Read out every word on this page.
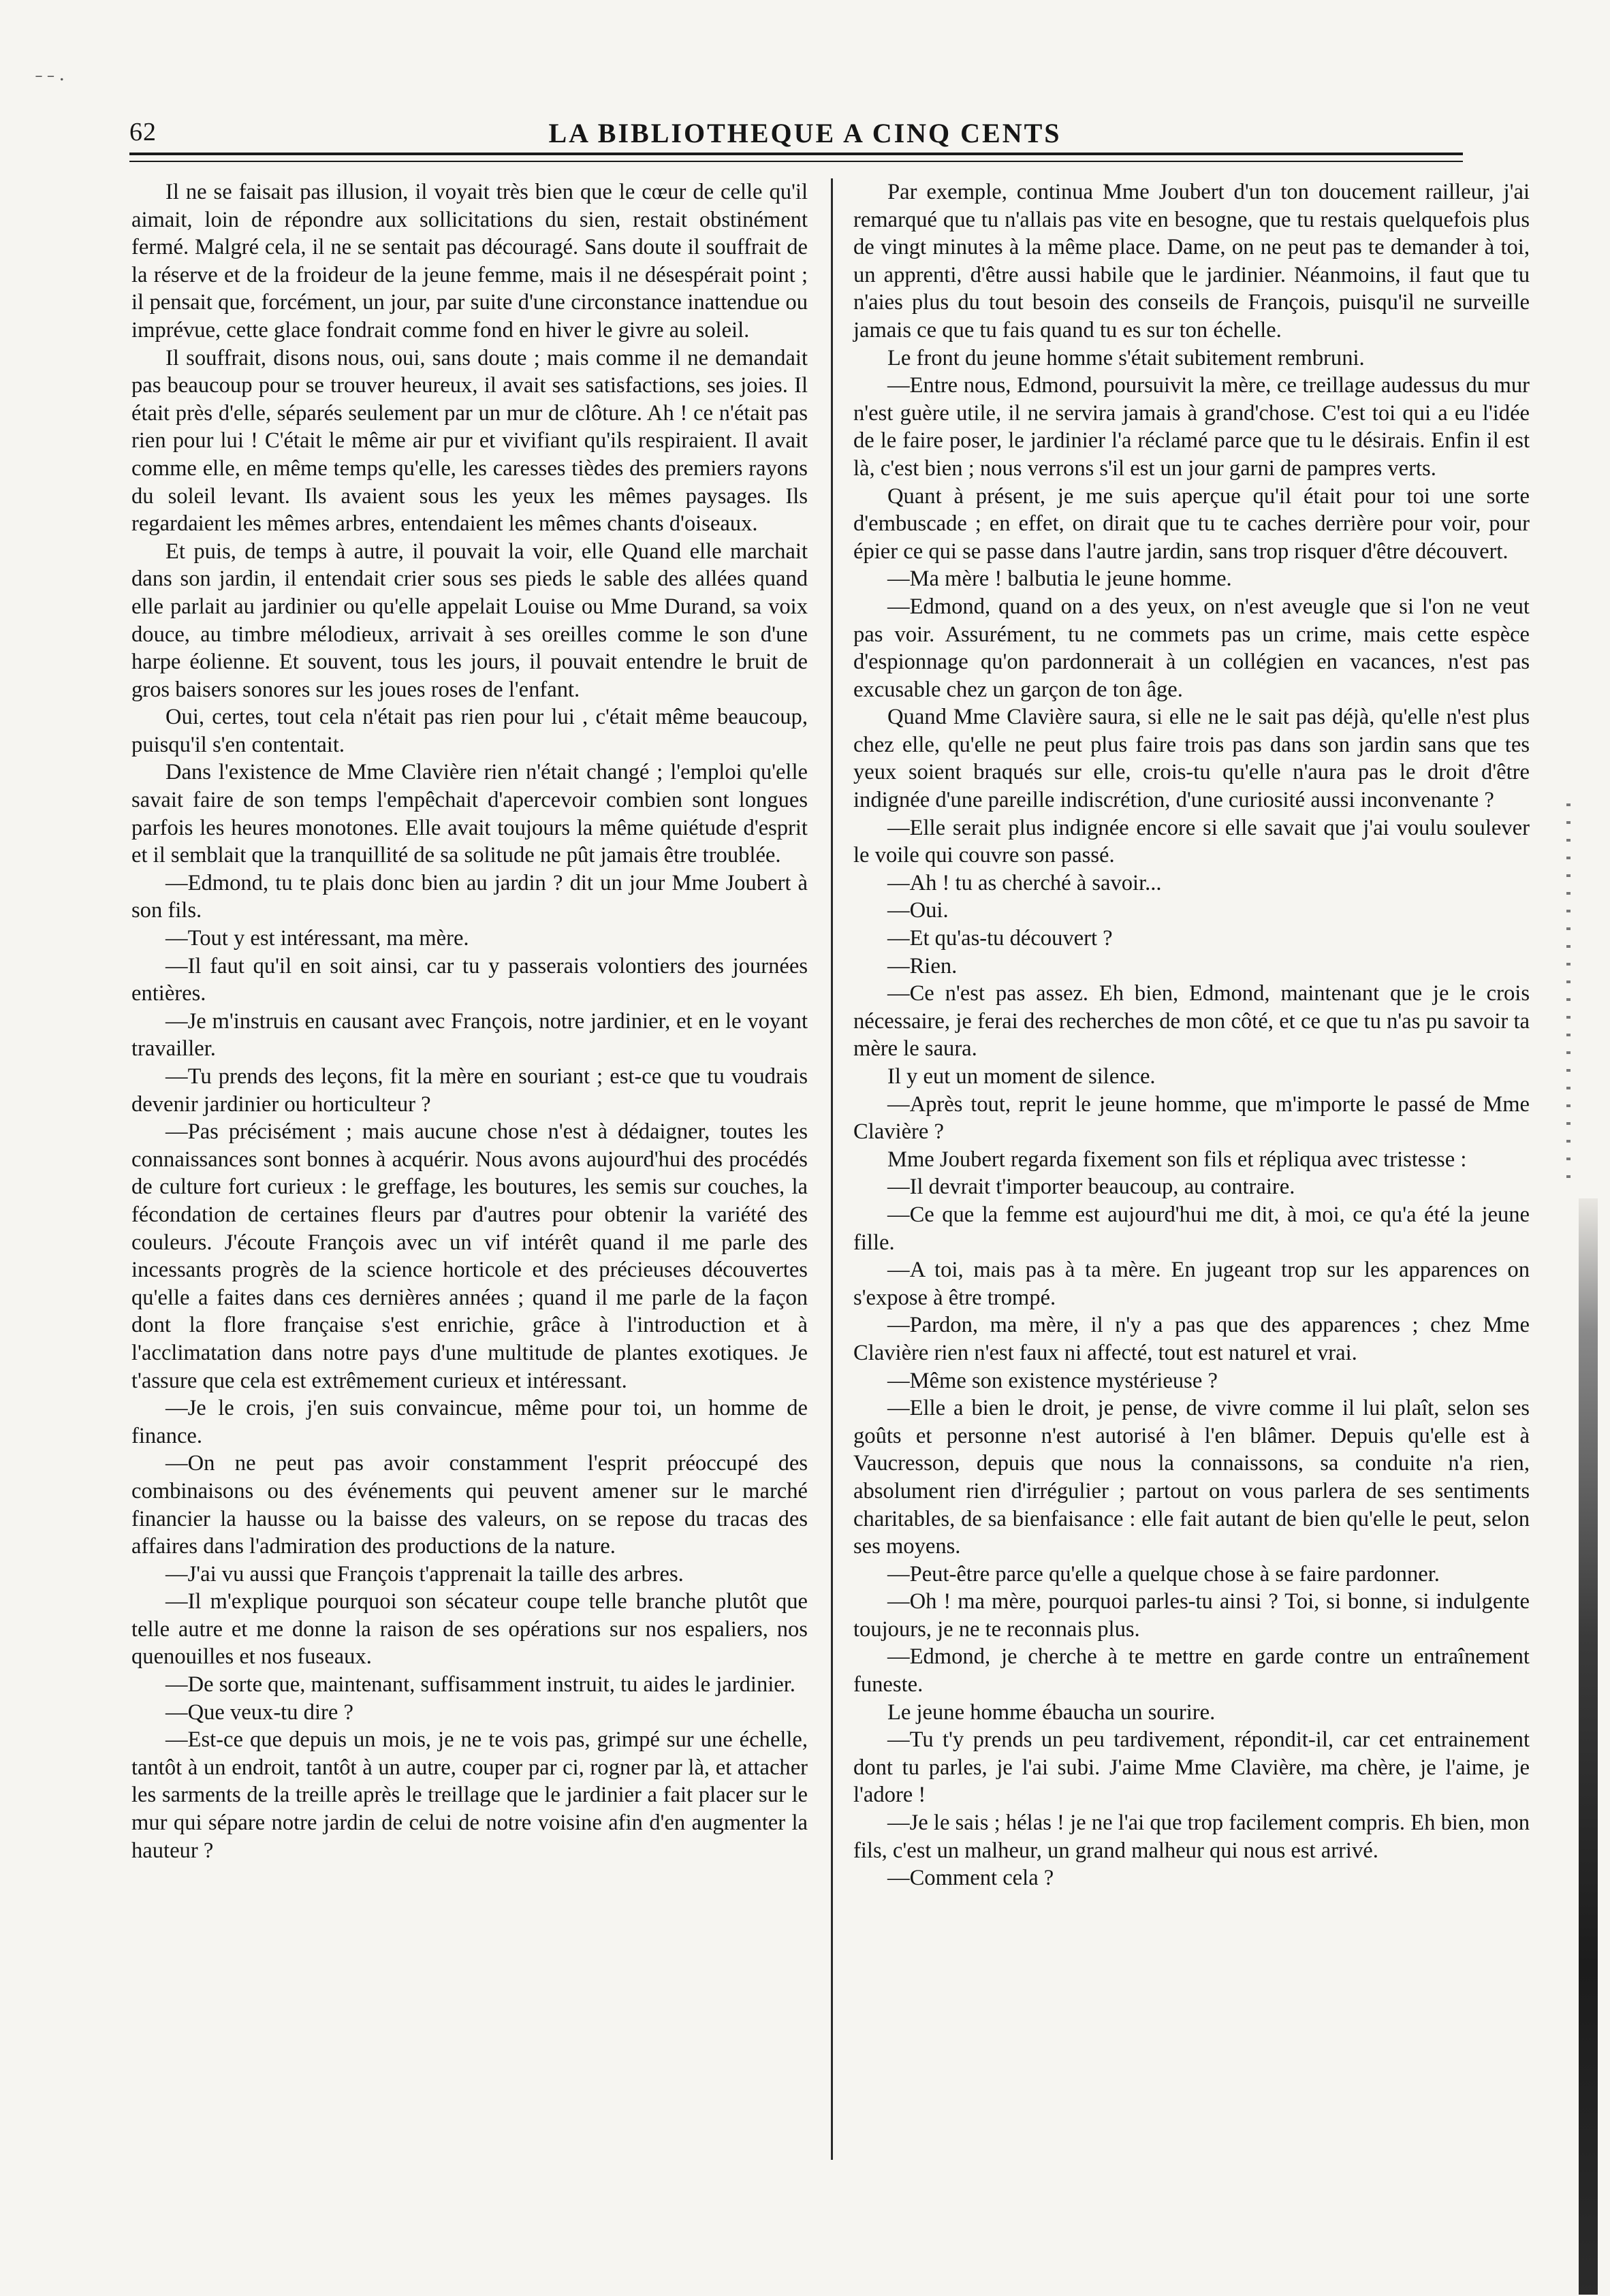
˗ ˗ .
62	LA BIBLIOTHEQUE A CINQ CENTS

Il ne se faisait pas illusion, il voyait très bien que le cœur de celle qu'il aimait, loin de répondre aux sollicitations du sien, restait obstinément fermé. Malgré cela, il ne se sentait pas découragé. Sans doute il souffrait de la réserve et de la froideur de la jeune femme, mais il ne désespérait point ; il pensait que, forcément, un jour, par suite d'une circonstance inattendue ou imprévue, cette glace fondrait comme fond en hiver le givre au soleil.

Il souffrait, disons nous, oui, sans doute ; mais comme il ne demandait pas beaucoup pour se trouver heureux, il avait ses satisfactions, ses joies. Il était près d'elle, séparés seulement par un mur de clôture. Ah ! ce n'était pas rien pour lui ! C'était le même air pur et vivifiant qu'ils respiraient. Il avait comme elle, en même temps qu'elle, les caresses tièdes des premiers rayons du soleil levant. Ils avaient sous les yeux les mêmes paysages. Ils regardaient les mêmes arbres, entendaient les mêmes chants d'oiseaux.

Et puis, de temps à autre, il pouvait la voir, elle Quand elle marchait dans son jardin, il entendait crier sous ses pieds le sable des allées quand elle parlait au jardinier ou qu'elle appelait Louise ou Mme Durand, sa voix douce, au timbre mélodieux, arrivait à ses oreilles comme le son d'une harpe éolienne. Et souvent, tous les jours, il pouvait entendre le bruit de gros baisers sonores sur les joues roses de l'enfant.

Oui, certes, tout cela n'était pas rien pour lui , c'était même beaucoup, puisqu'il s'en contentait.

Dans l'existence de Mme Clavière rien n'était changé ; l'emploi qu'elle savait faire de son temps l'empêchait d'apercevoir combien sont longues parfois les heures monotones. Elle avait toujours la même quiétude d'esprit et il semblait que la tranquillité de sa solitude ne pût jamais être troublée.

—Edmond, tu te plais donc bien au jardin ? dit un jour Mme Joubert à son fils.

—Tout y est intéressant, ma mère.

—Il faut qu'il en soit ainsi, car tu y passerais volontiers des journées entières.

—Je m'instruis en causant avec François, notre jardinier, et en le voyant travailler.

—Tu prends des leçons, fit la mère en souriant ; est-ce que tu voudrais devenir jardinier ou horticulteur ?

—Pas précisément ; mais aucune chose n'est à dédaigner, toutes les connaissances sont bonnes à acquérir. Nous avons aujourd'hui des procédés de culture fort curieux : le greffage, les boutures, les semis sur couches, la fécondation de certaines fleurs par d'autres pour obtenir la variété des couleurs. J'écoute François avec un vif intérêt quand il me parle des incessants progrès de la science horticole et des précieuses découvertes qu'elle a faites dans ces dernières années ; quand il me parle de la façon dont la flore française s'est enrichie, grâce à l'introduction et à l'acclimatation dans notre pays d'une multitude de plantes exotiques. Je t'assure que cela est extrêmement curieux et intéressant.

—Je le crois, j'en suis convaincue, même pour toi, un homme de finance.

—On ne peut pas avoir constamment l'esprit préoccupé des combinaisons ou des événements qui peuvent amener sur le marché financier la hausse ou la baisse des valeurs, on se repose du tracas des affaires dans l'admiration des productions de la nature.

—J'ai vu aussi que François t'apprenait la taille des arbres.

—Il m'explique pourquoi son sécateur coupe telle branche plutôt que telle autre et me donne la raison de ses opérations sur nos espaliers, nos quenouilles et nos fuseaux.

—De sorte que, maintenant, suffisamment instruit, tu aides le jardinier.

—Que veux-tu dire ?

—Est-ce que depuis un mois, je ne te vois pas, grimpé sur une échelle, tantôt à un endroit, tantôt à un autre, couper par ci, rogner par là, et attacher les sarments de la treille après le treillage que le jardinier a fait placer sur le mur qui sépare notre jardin de celui de notre voisine afin d'en augmenter la hauteur ?

Par exemple, continua Mme Joubert d'un ton doucement railleur, j'ai remarqué que tu n'allais pas vite en besogne, que tu restais quelquefois plus de vingt minutes à la même place. Dame, on ne peut pas te demander à toi, un apprenti, d'être aussi habile que le jardinier. Néanmoins, il faut que tu n'aies plus du tout besoin des conseils de François, puisqu'il ne surveille jamais ce que tu fais quand tu es sur ton échelle.

Le front du jeune homme s'était subitement rembruni.

—Entre nous, Edmond, poursuivit la mère, ce treillage audessus du mur n'est guère utile, il ne servira jamais à grand'chose. C'est toi qui a eu l'idée de le faire poser, le jardinier l'a réclamé parce que tu le désirais. Enfin il est là, c'est bien ; nous verrons s'il est un jour garni de pampres verts.

Quant à présent, je me suis aperçue qu'il était pour toi une sorte d'embuscade ; en effet, on dirait que tu te caches derrière pour voir, pour épier ce qui se passe dans l'autre jardin, sans trop risquer d'être découvert.

—Ma mère ! balbutia le jeune homme.

—Edmond, quand on a des yeux, on n'est aveugle que si l'on ne veut pas voir. Assurément, tu ne commets pas un crime, mais cette espèce d'espionnage qu'on pardonnerait à un collégien en vacances, n'est pas excusable chez un garçon de ton âge.

Quand Mme Clavière saura, si elle ne le sait pas déjà, qu'elle n'est plus chez elle, qu'elle ne peut plus faire trois pas dans son jardin sans que tes yeux soient braqués sur elle, crois-tu qu'elle n'aura pas le droit d'être indignée d'une pareille indiscrétion, d'une curiosité aussi inconvenante ?

—Elle serait plus indignée encore si elle savait que j'ai voulu soulever le voile qui couvre son passé.

—Ah ! tu as cherché à savoir...

—Oui.

—Et qu'as-tu découvert ?

—Rien.

—Ce n'est pas assez. Eh bien, Edmond, maintenant que je le crois nécessaire, je ferai des recherches de mon côté, et ce que tu n'as pu savoir ta mère le saura.

Il y eut un moment de silence.

—Après tout, reprit le jeune homme, que m'importe le passé de Mme Clavière ?

Mme Joubert regarda fixement son fils et répliqua avec tristesse :

—Il devrait t'importer beaucoup, au contraire.

—Ce que la femme est aujourd'hui me dit, à moi, ce qu'a été la jeune fille.

—A toi, mais pas à ta mère. En jugeant trop sur les apparences on s'expose à être trompé.

—Pardon, ma mère, il n'y a pas que des apparences ; chez Mme Clavière rien n'est faux ni affecté, tout est naturel et vrai.

—Même son existence mystérieuse ?

—Elle a bien le droit, je pense, de vivre comme il lui plaît, selon ses goûts et personne n'est autorisé à l'en blâmer. Depuis qu'elle est à Vaucresson, depuis que nous la connaissons, sa conduite n'a rien, absolument rien d'irrégulier ; partout on vous parlera de ses sentiments charitables, de sa bienfaisance : elle fait autant de bien qu'elle le peut, selon ses moyens.

—Peut-être parce qu'elle a quelque chose à se faire pardonner.

—Oh ! ma mère, pourquoi parles-tu ainsi ? Toi, si bonne, si indulgente toujours, je ne te reconnais plus.

—Edmond, je cherche à te mettre en garde contre un entraînement funeste.

Le jeune homme ébaucha un sourire.

—Tu t'y prends un peu tardivement, répondit-il, car cet entrainement dont tu parles, je l'ai subi. J'aime Mme Clavière, ma chère, je l'aime, je l'adore !

—Je le sais ; hélas ! je ne l'ai que trop facilement compris. Eh bien, mon fils, c'est un malheur, un grand malheur qui nous est arrivé.

—Comment cela ?
